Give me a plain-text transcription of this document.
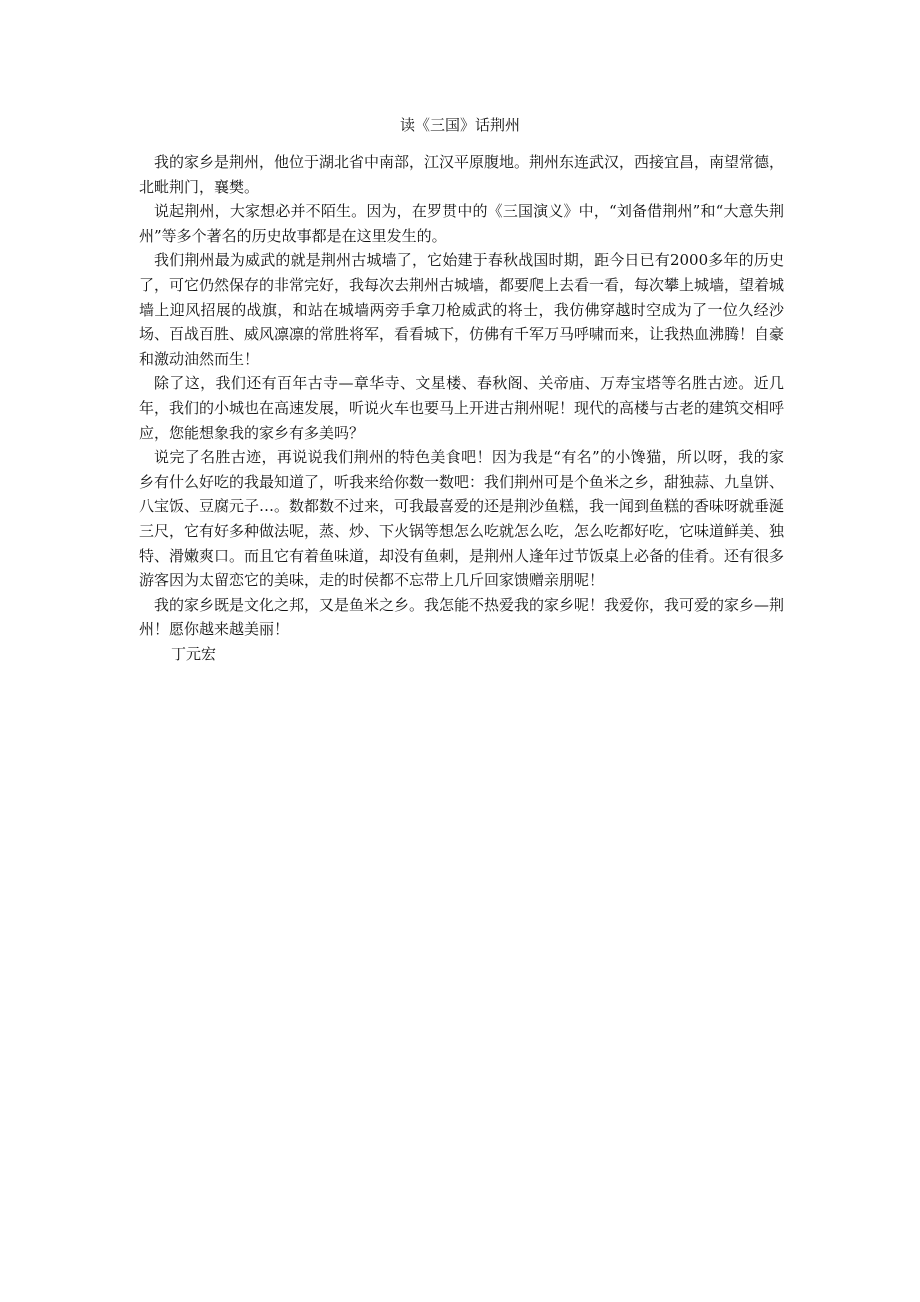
读《三国》话荆州

我的家乡是荆州，他位于湖北省中南部，江汉平原腹地。荆州东连武汉，西接宜昌，南望常德，北毗荆门，襄樊。

说起荆州，大家想必并不陌生。因为，在罗贯中的《三国演义》中，“刘备借荆州”和“大意失荆州”等多个著名的历史故事都是在这里发生的。

我们荆州最为威武的就是荆州古城墙了，它始建于春秋战国时期，距今日已有2000多年的历史了，可它仍然保存的非常完好，我每次去荆州古城墙，都要爬上去看一看，每次攀上城墙，望着城墙上迎风招展的战旗，和站在城墙两旁手拿刀枪威武的将士，我仿佛穿越时空成为了一位久经沙场、百战百胜、威风凛凛的常胜将军，看看城下，仿佛有千军万马呼啸而来，让我热血沸腾！自豪和激动油然而生！

除了这，我们还有百年古寺—章华寺、文星楼、春秋阁、关帝庙、万寿宝塔等名胜古迹。近几年，我们的小城也在高速发展，听说火车也要马上开进古荆州呢！现代的高楼与古老的建筑交相呼应，您能想象我的家乡有多美吗？

说完了名胜古迹，再说说我们荆州的特色美食吧！因为我是“有名”的小馋猫，所以呀，我的家乡有什么好吃的我最知道了，听我来给你数一数吧：我们荆州可是个鱼米之乡，甜独蒜、九皇饼、八宝饭、豆腐元子…。数都数不过来，可我最喜爱的还是荆沙鱼糕，我一闻到鱼糕的香味呀就垂涎三尺，它有好多种做法呢，蒸、炒、下火锅等想怎么吃就怎么吃，怎么吃都好吃，它味道鲜美、独特、滑嫩爽口。而且它有着鱼味道，却没有鱼刺，是荆州人逢年过节饭桌上必备的佳肴。还有很多游客因为太留恋它的美味，走的时侯都不忘带上几斤回家馈赠亲朋呢！

我的家乡既是文化之邦，又是鱼米之乡。我怎能不热爱我的家乡呢！我爱你，我可爱的家乡—荆州！愿你越来越美丽！

丁元宏
